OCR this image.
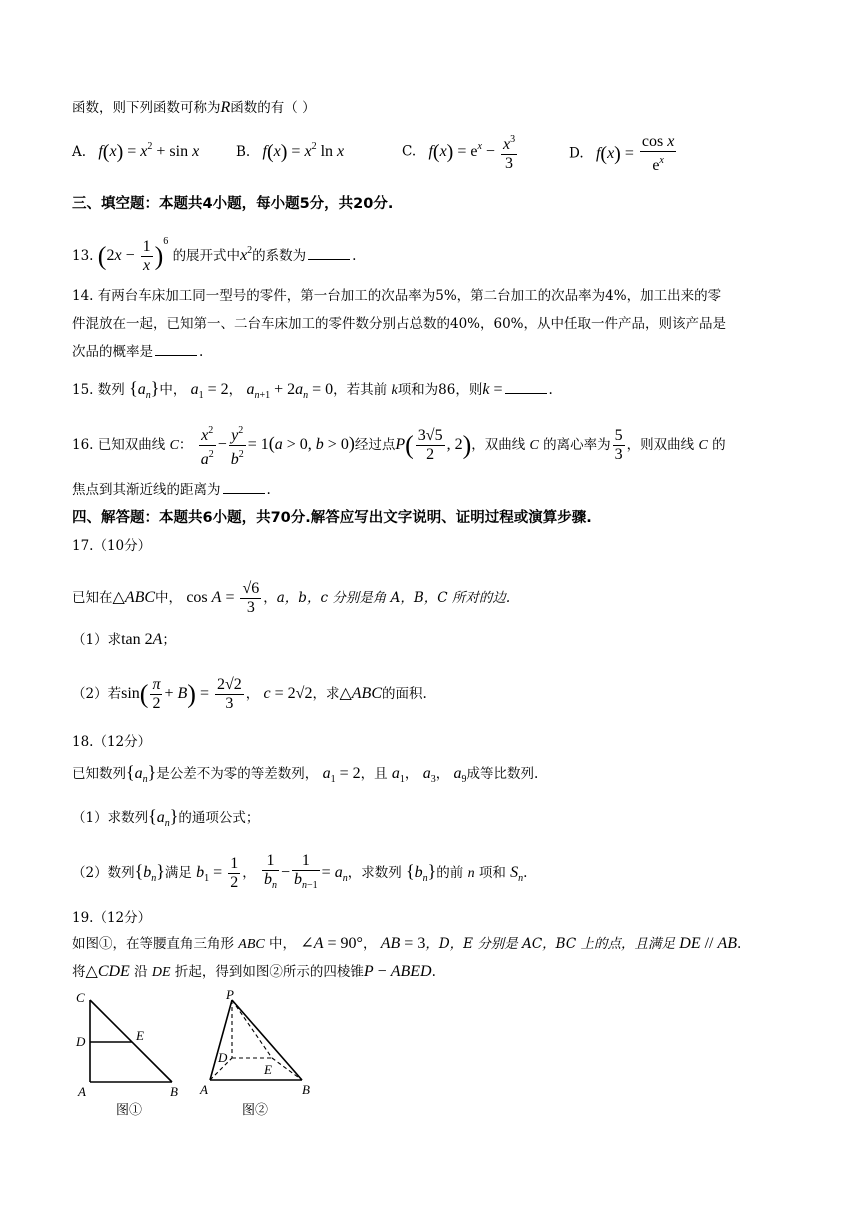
函数，则下列函数可称为R函数的有（ ）
A. $f(x) = x^2 + \sin x$	B. $f(x) = x^2$ ln x	C. $f(x) = e^x - \frac{x^3}{3}$	D. $f(x) = \frac{\text{cos x}}{e^x}$
三、填空题：本题共4小题，每小题5分，共20分.
13. $(2x - \frac{1}{x} )^6$ 的展开式中$x^2$的系数为	.
14. 有两台车床加工同一型号的零件，第一台加工的次品率为5%，第二台加工的次品率为4%，加工出来的零
件混放在一起，已知第一、二台车床加工的零件数分别占总数的40%，60%，从中任取一件产品，则该产品是
次品的概率是	.
15. 数列 $\{a_n\}$中， $a_1 = 2$， $a_{n+1} + 2a_n = 0$，若其前 k项和为86，则k =	.
16. 已知双曲线 C： $\frac{x^2}{a^2} - \frac{y^2}{b^2} = 1(a > 0$, b > 0)经过点$P( \frac{3√5}{2}$ , 2)，双曲线 C 的离心率为 $\frac{5}{3}$ ，则双曲线 C 的
焦点到其渐近线的距离为	.
四、解答题：本题共6小题，共70分.解答应写出文字说明、证明过程或演算步骤.
17.（10分）
已知在△ABC中， $\cos A = \frac{√6}{3}$ ，a，b，c 分别是角 A，B，C 所对的边.
（1）求tan 2A；
（2）若$\sin( \frac{\pi}{2} + B) = \frac{2√2}{3}$ ， c = 2√2，求△ABC的面积.
18.（12分）
已知数列$\{a_n\}$是公差不为零的等差数列， $a_1 = 2$，且 $a_1$， $a_3$， $a_9$成等比数列.
（1）求数列$\{a_n\}$的通项公式；
（2）数列$\{b_n\}$满足 $b_1 = \frac{1}{2}$ ， $\frac{1}{b_n} - \frac{1}{b_{n-1}} = a_n$，求数列 $\{b_n\}$的前 n 项和 $S_n$.
19.（12分）
如图①，在等腰直角三角形 ABC 中， ∠A = 90°， AB = 3，D，E 分别是 AC，BC 上的点，且满足 DE // AB.
将△CDE 沿 DE 折起，得到如图②所示的四棱锥P − ABED.
C
D	E
A	B
图①
P
D
E
A	B
图②
